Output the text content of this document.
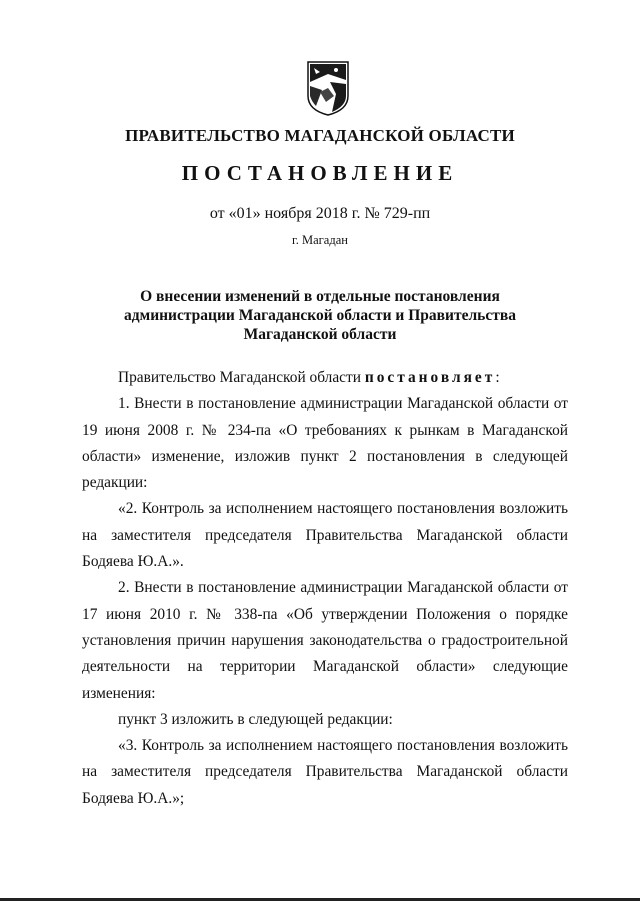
ПРАВИТЕЛЬСТВО МАГАДАНСКОЙ ОБЛАСТИ
ПОСТАНОВЛЕНИЕ
от «01» ноября 2018 г. № 729-пп
г. Магадан
О внесении изменений в отдельные постановления
администрации Магаданской области и Правительства
Магаданской области

Правительство Магаданской области постановляет:

1. Внести в постановление администрации Магаданской области от 19 июня 2008 г. № 234-па «О требованиях к рынкам в Магаданской области» изменение, изложив пункт 2 постановления в следующей редакции:

«2. Контроль за исполнением настоящего постановления возложить на заместителя председателя Правительства Магаданской области Бодяева Ю.А.».

2. Внести в постановление администрации Магаданской области от 17 июня 2010 г. № 338-па «Об утверждении Положения о порядке установления причин нарушения законодательства о градостроительной деятельности на территории Магаданской области» следующие изменения:

пункт 3 изложить в следующей редакции:

«3. Контроль за исполнением настоящего постановления возложить на заместителя председателя Правительства Магаданской области Бодяева Ю.А.»;
